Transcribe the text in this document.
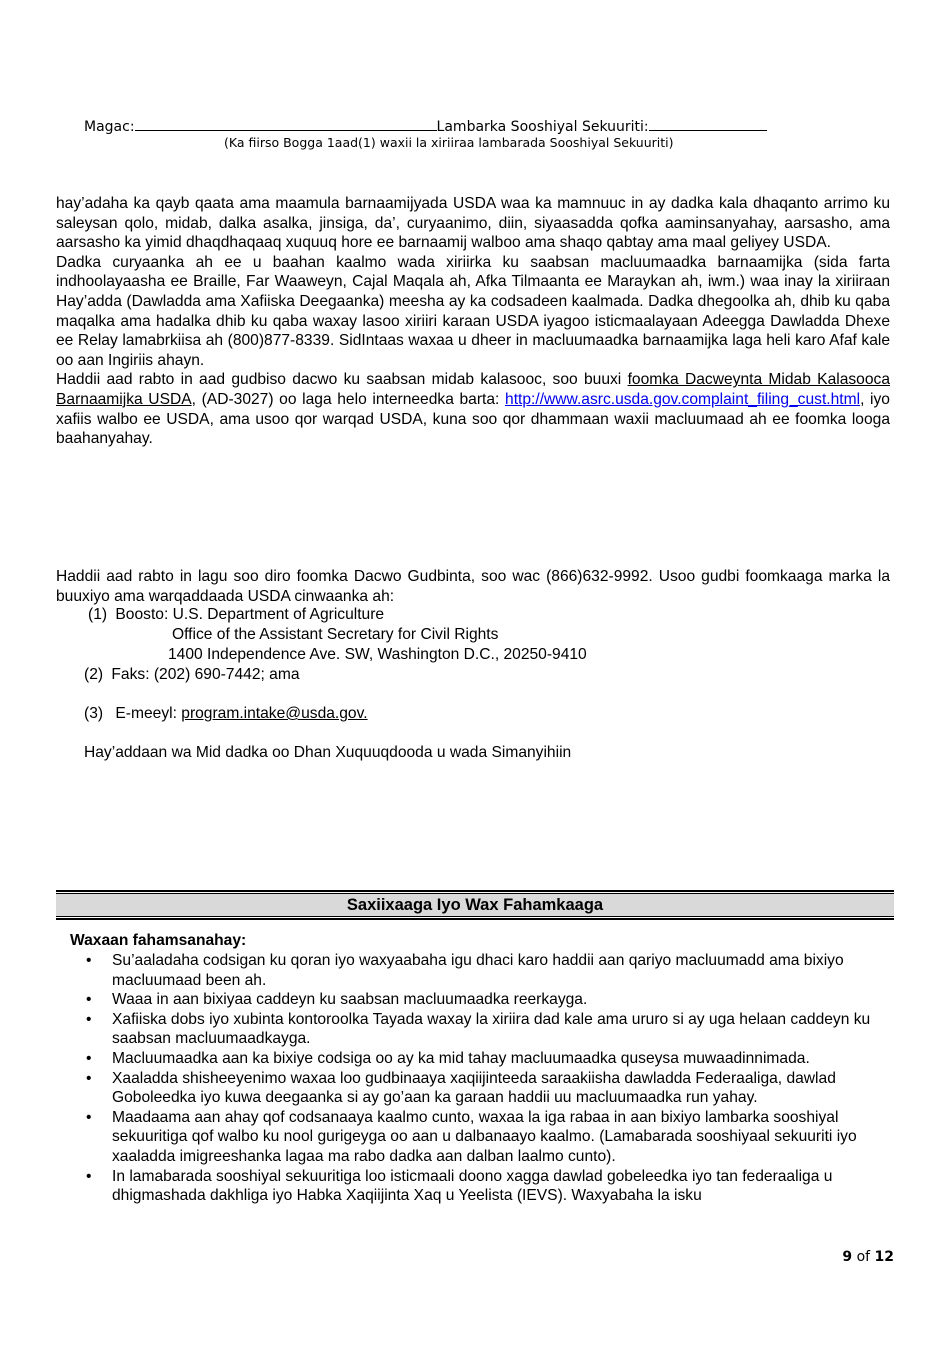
Magac:	Lambarka Sooshiyal Sekuuriti:
(Ka fiirso Bogga 1aad(1) waxii la xiriiraa lambarada Sooshiyal Sekuuriti)

hay’adaha ka qayb qaata ama maamula barnaamijyada USDA waa ka mamnuuc in ay dadka kala dhaqanto arrimo ku saleysan qolo, midab, dalka asalka, jinsiga, da’, curyaanimo, diin, siyaasadda qofka aaminsanyahay, aarsasho, ama aarsasho ka yimid dhaqdhaqaaq xuquuq hore ee barnaamij walboo ama shaqo qabtay ama maal geliyey USDA.

Dadka curyaanka ah ee u baahan kaalmo wada xiriirka ku saabsan macluumaadka barnaamijka (sida farta indhoolayaasha ee Braille, Far Waaweyn, Cajal Maqala ah, Afka Tilmaanta ee Maraykan ah, iwm.) waa inay la xiriiraan Hay’adda (Dawladda ama Xafiiska Deegaanka) meesha ay ka codsadeen kaalmada. Dadka dhegoolka ah, dhib ku qaba maqalka ama hadalka dhib ku qaba waxay lasoo xiriiri karaan USDA iyagoo isticmaalayaan Adeegga Dawladda Dhexe ee Relay lamabrkiisa ah (800)877-8339. SidIntaas waxaa u dheer in macluumaadka barnaamijka laga heli karo Afaf kale oo aan Ingiriis ahayn.

Haddii aad rabto in aad gudbiso dacwo ku saabsan midab kalasooc, soo buuxi foomka Dacweynta Midab Kalasooca Barnaamijka USDA, (AD-3027) oo laga helo interneedka barta: http://www.asrc.usda.gov.complaint_filing_cust.html, iyo xafiis walbo ee USDA, ama usoo qor warqad USDA, kuna soo qor dhammaan waxii macluumaad ah ee foomka looga baahanyahay.

Haddii aad rabto in lagu soo diro foomka Dacwo Gudbinta, soo wac (866)632-9992. Usoo gudbi foomkaaga marka la buuxiyo ama warqaddaada USDA cinwaanka ah:
(1) Boosto: U.S. Department of Agriculture
Office of the Assistant Secretary for Civil Rights
1400 Independence Ave. SW, Washington D.C., 20250-9410
(2) Faks: (202) 690-7442; ama
(3) E-meeyl: program.intake@usda.gov.
Hay’addaan wa Mid dadka oo Dhan Xuquuqdooda u wada Simanyihiin
Saxiixaaga Iyo Wax Fahamkaaga
Waxaan fahamsanahay:
• Su’aaladaha codsigan ku qoran iyo waxyaabaha igu dhaci karo haddii aan qariyo macluumadd ama bixiyo macluumaad been ah.
• Waaa in aan bixiyaa caddeyn ku saabsan macluumaadka reerkayga.
• Xafiiska dobs iyo xubinta kontoroolka Tayada waxay la xiriira dad kale ama ururo si ay uga helaan caddeyn ku saabsan macluumaadkayga.
• Macluumaadka aan ka bixiye codsiga oo ay ka mid tahay macluumaadka quseysa muwaadinnimada.
• Xaaladda shisheeyenimo waxaa loo gudbinaaya xaqiijinteeda saraakiisha dawladda Federaaliga, dawlad Goboleedka iyo kuwa deegaanka si ay go’aan ka garaan haddii uu macluumaadka run yahay.
• Maadaama aan ahay qof codsanaaya kaalmo cunto, waxaa la iga rabaa in aan bixiyo lambarka sooshiyal sekuuritiga qof walbo ku nool gurigeyga oo aan u dalbanaayo kaalmo. (Lamabarada sooshiyaal sekuuriti iyo xaaladda imigreeshanka lagaa ma rabo dadka aan dalban laalmo cunto).
• In lamabarada sooshiyal sekuuritiga loo isticmaali doono xagga dawlad gobeleedka iyo tan federaaliga u dhigmashada dakhliga iyo Habka Xaqiijinta Xaq u Yeelista (IEVS). Waxyabaha la isku
9 of 12
